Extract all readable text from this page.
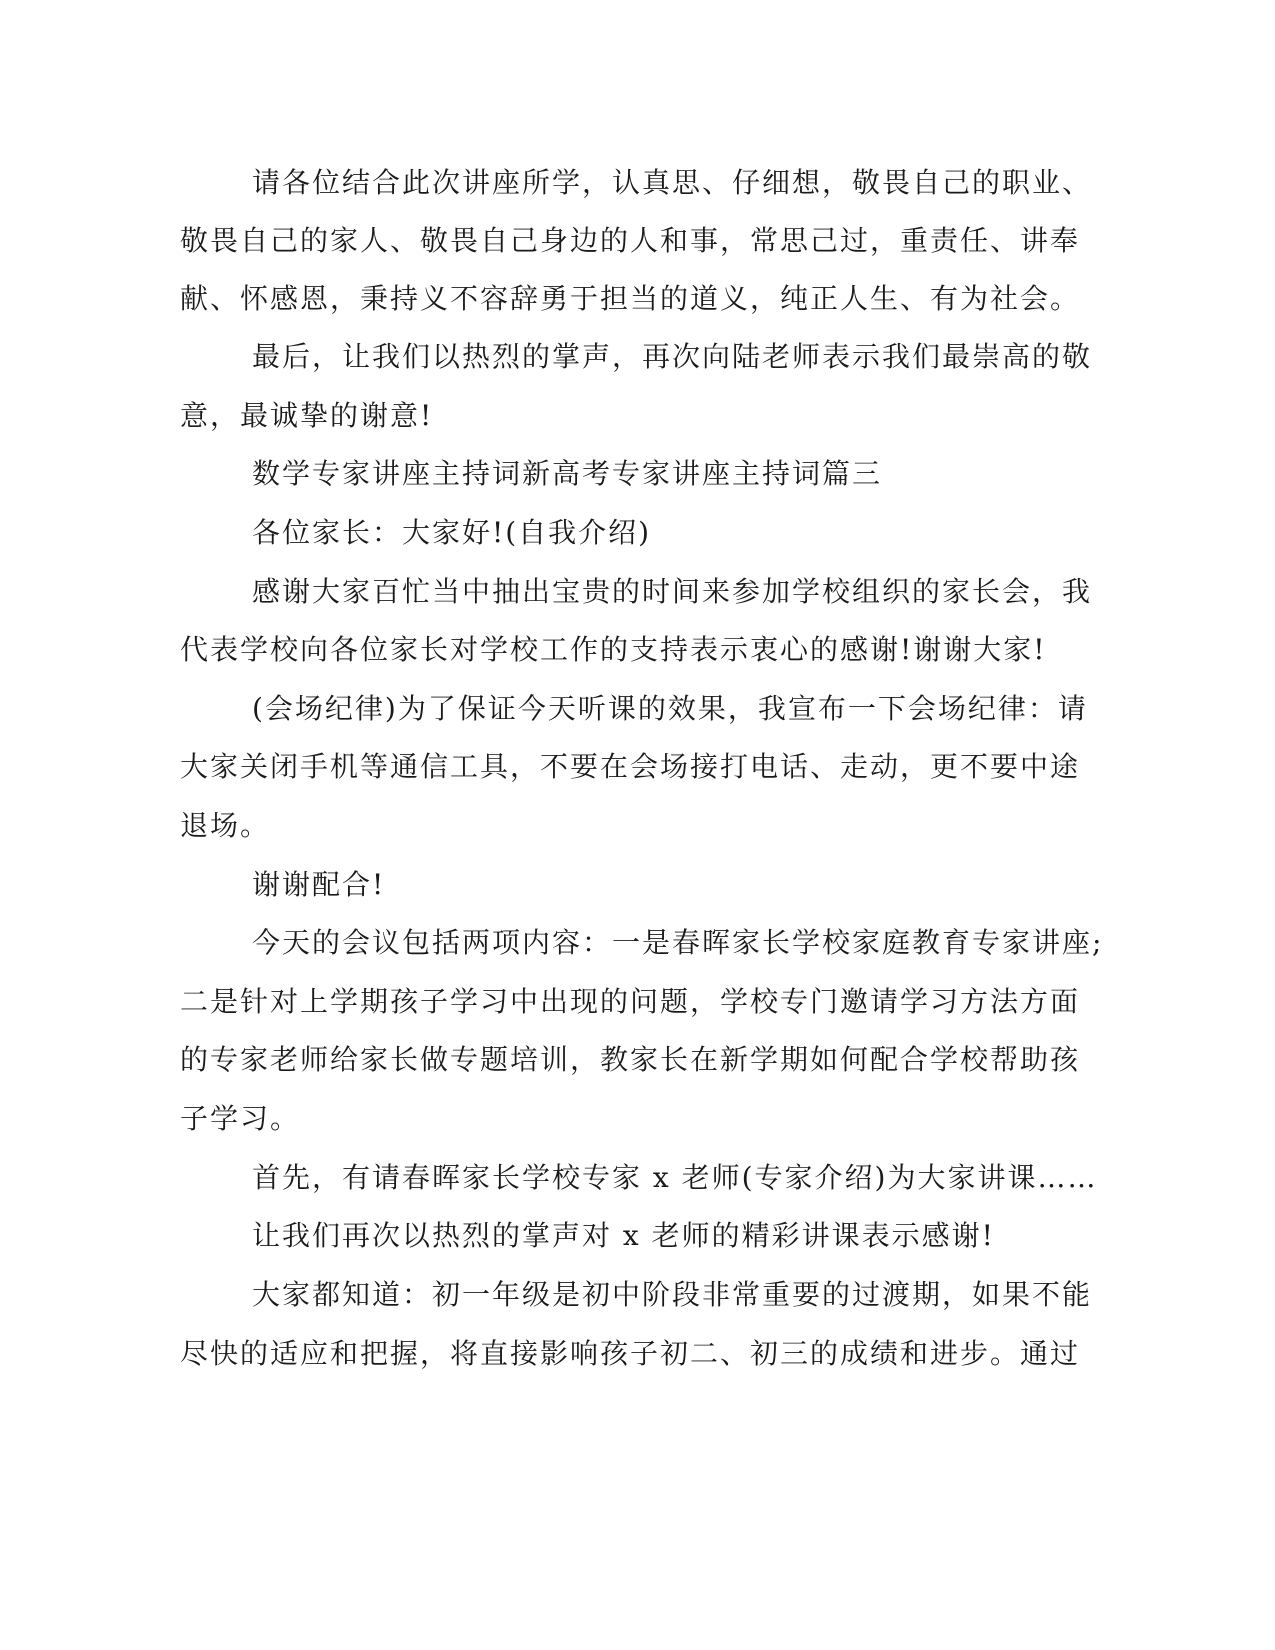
请各位结合此次讲座所学，认真思、仔细想，敬畏自己的职业、
敬畏自己的家人、敬畏自己身边的人和事，常思己过，重责任、讲奉
献、怀感恩，秉持义不容辞勇于担当的道义，纯正人生、有为社会。
最后，让我们以热烈的掌声，再次向陆老师表示我们最崇高的敬
意，最诚挚的谢意!
数学专家讲座主持词新高考专家讲座主持词篇三
各位家长：大家好!(自我介绍)
感谢大家百忙当中抽出宝贵的时间来参加学校组织的家长会，我
代表学校向各位家长对学校工作的支持表示衷心的感谢!谢谢大家!
(会场纪律)为了保证今天听课的效果，我宣布一下会场纪律：请
大家关闭手机等通信工具，不要在会场接打电话、走动，更不要中途
退场。
谢谢配合!
今天的会议包括两项内容：一是春晖家长学校家庭教育专家讲座;
二是针对上学期孩子学习中出现的问题，学校专门邀请学习方法方面
的专家老师给家长做专题培训，教家长在新学期如何配合学校帮助孩
子学习。
首先，有请春晖家长学校专家 x 老师(专家介绍)为大家讲课……
让我们再次以热烈的掌声对 x 老师的精彩讲课表示感谢!
大家都知道：初一年级是初中阶段非常重要的过渡期，如果不能
尽快的适应和把握，将直接影响孩子初二、初三的成绩和进步。通过
